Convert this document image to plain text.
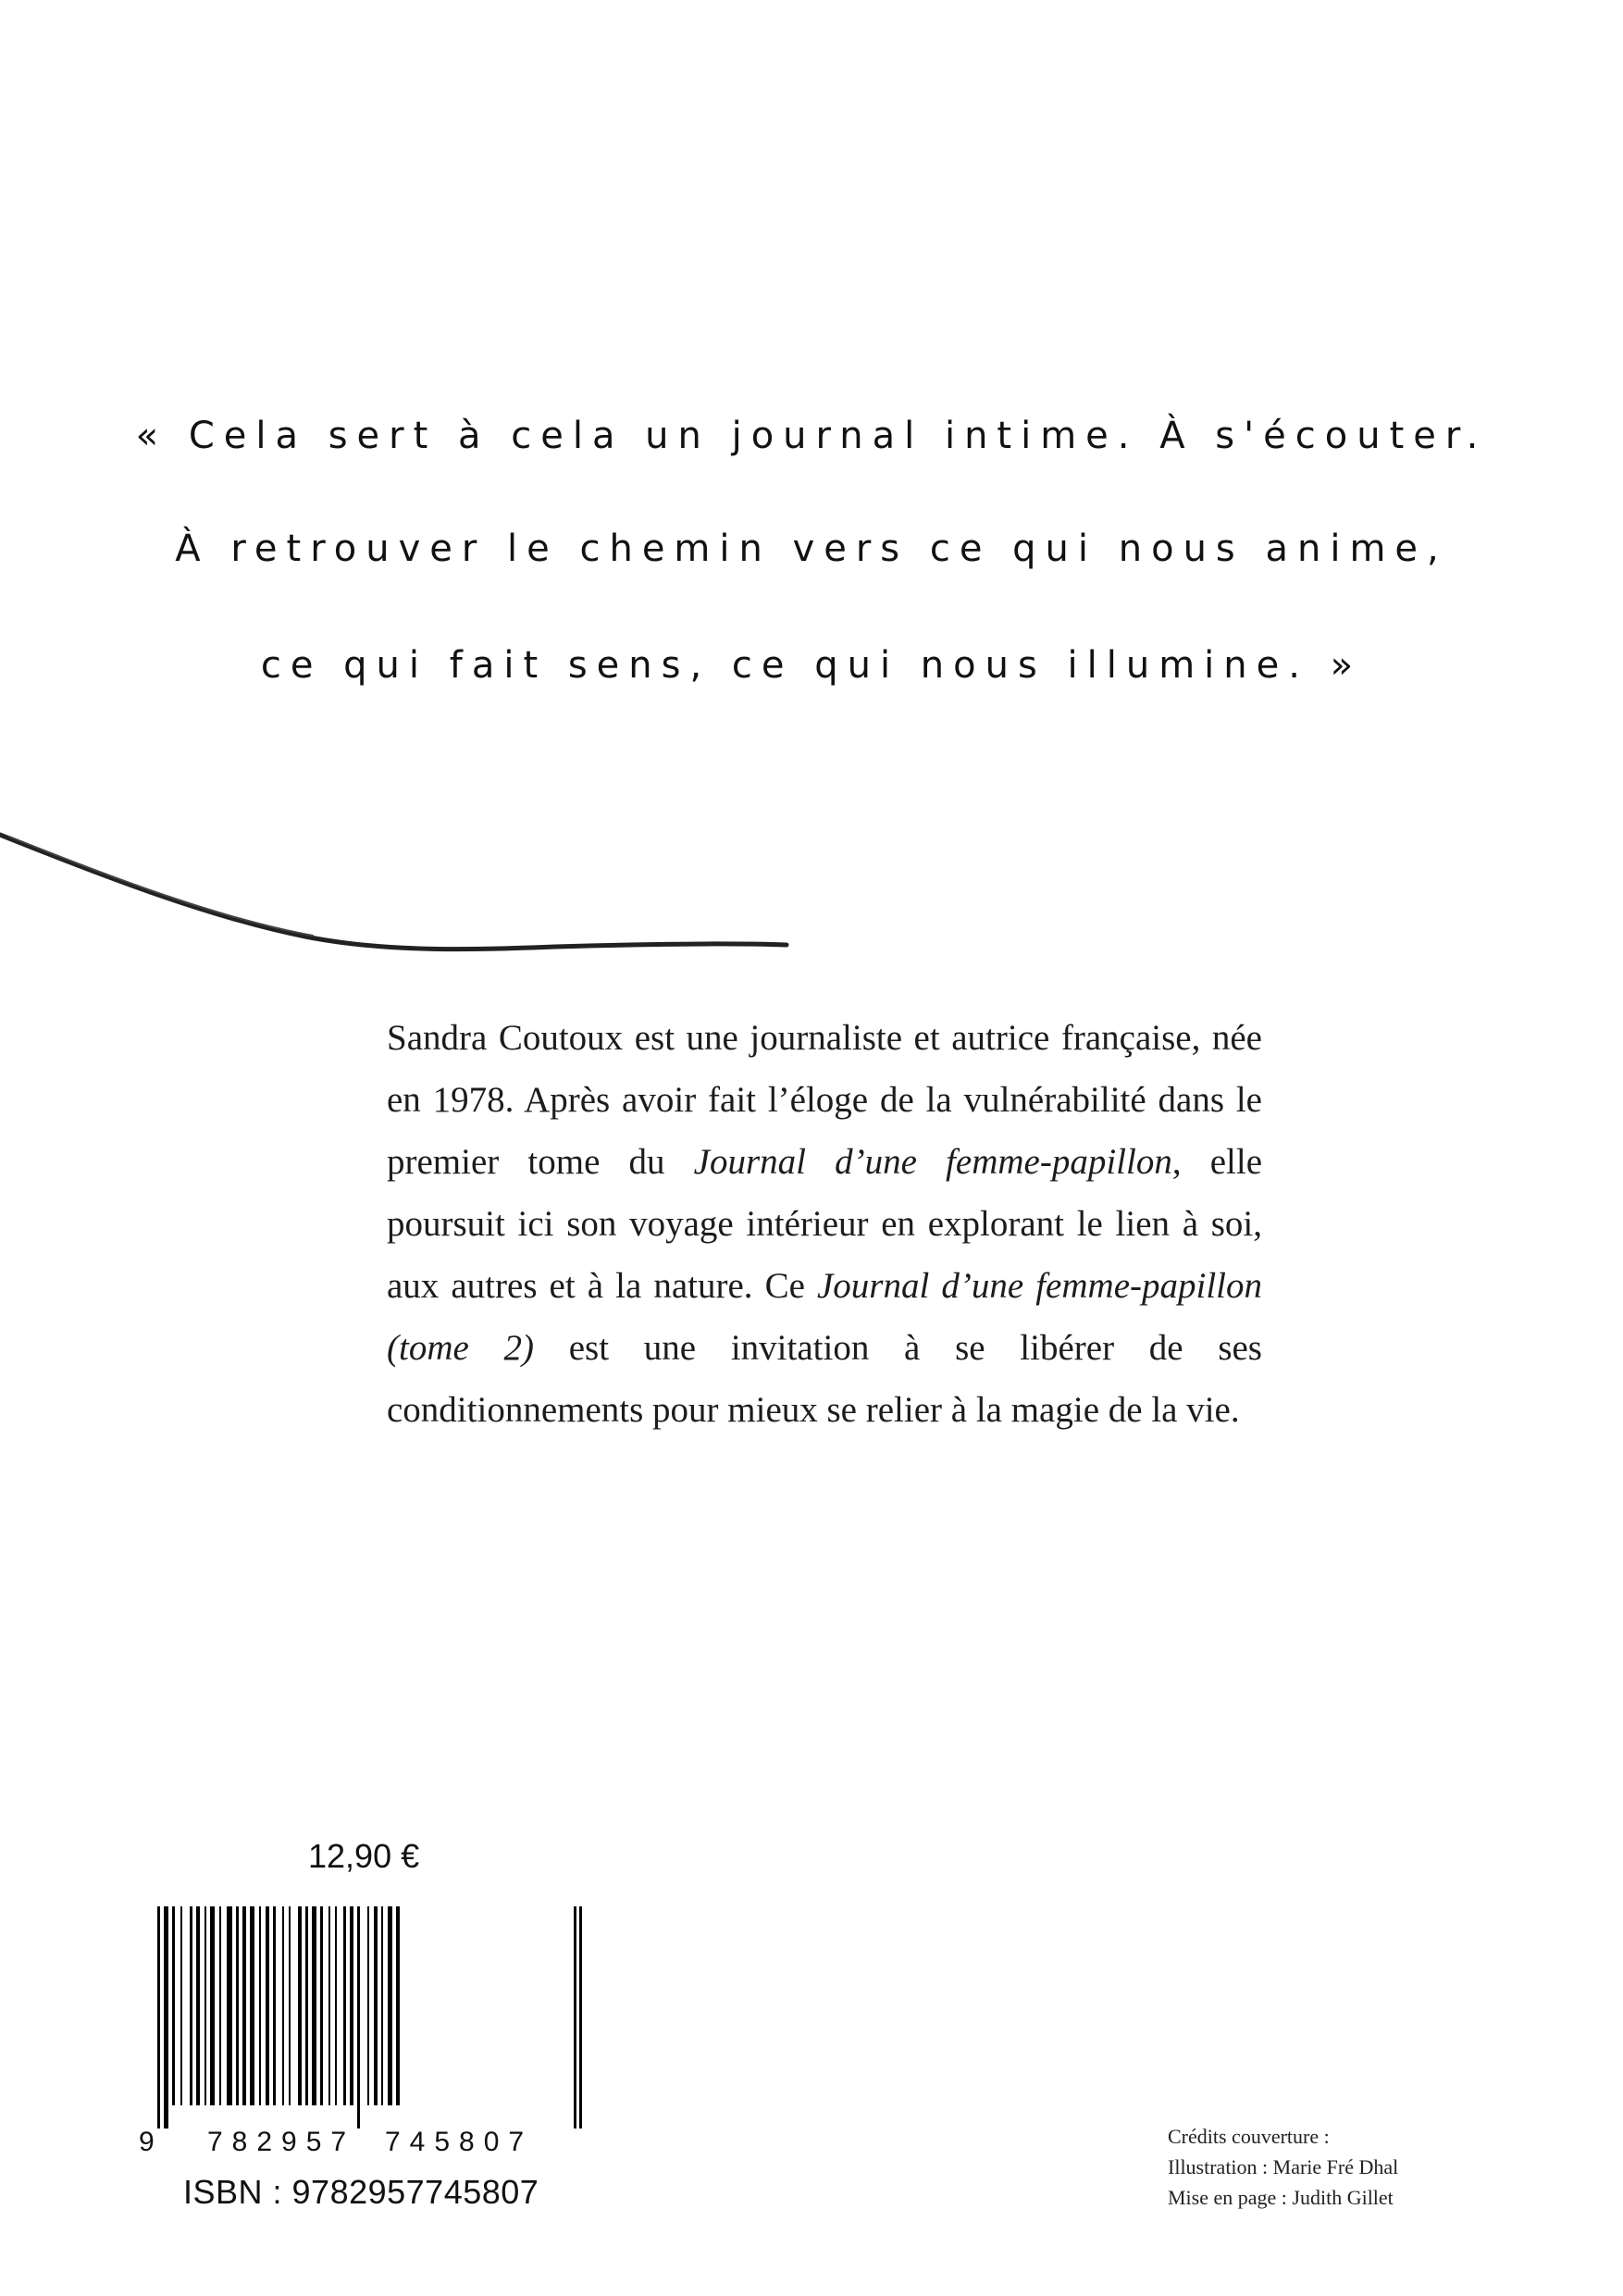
« Cela sert à cela un journal intime. À s'écouter.
À retrouver le chemin vers ce qui nous anime,
ce qui fait sens, ce qui nous illumine. »
Sandra Coutoux est une journaliste et autrice française, née en 1978. Après avoir fait l’éloge de la vulnérabilité dans le premier tome du Journal d’une femme-papillon, elle poursuit ici son voyage intérieur en explorant le lien à soi, aux autres et à la nature. Ce Journal d’une femme-papillon (tome 2) est une invitation à se libérer de ses conditionnements pour mieux se relier à la magie de la vie.
12,90 €
9 782957 745807
ISBN : 9782957745807
Crédits couverture :
Illustration : Marie Fré Dhal
Mise en page : Judith Gillet
